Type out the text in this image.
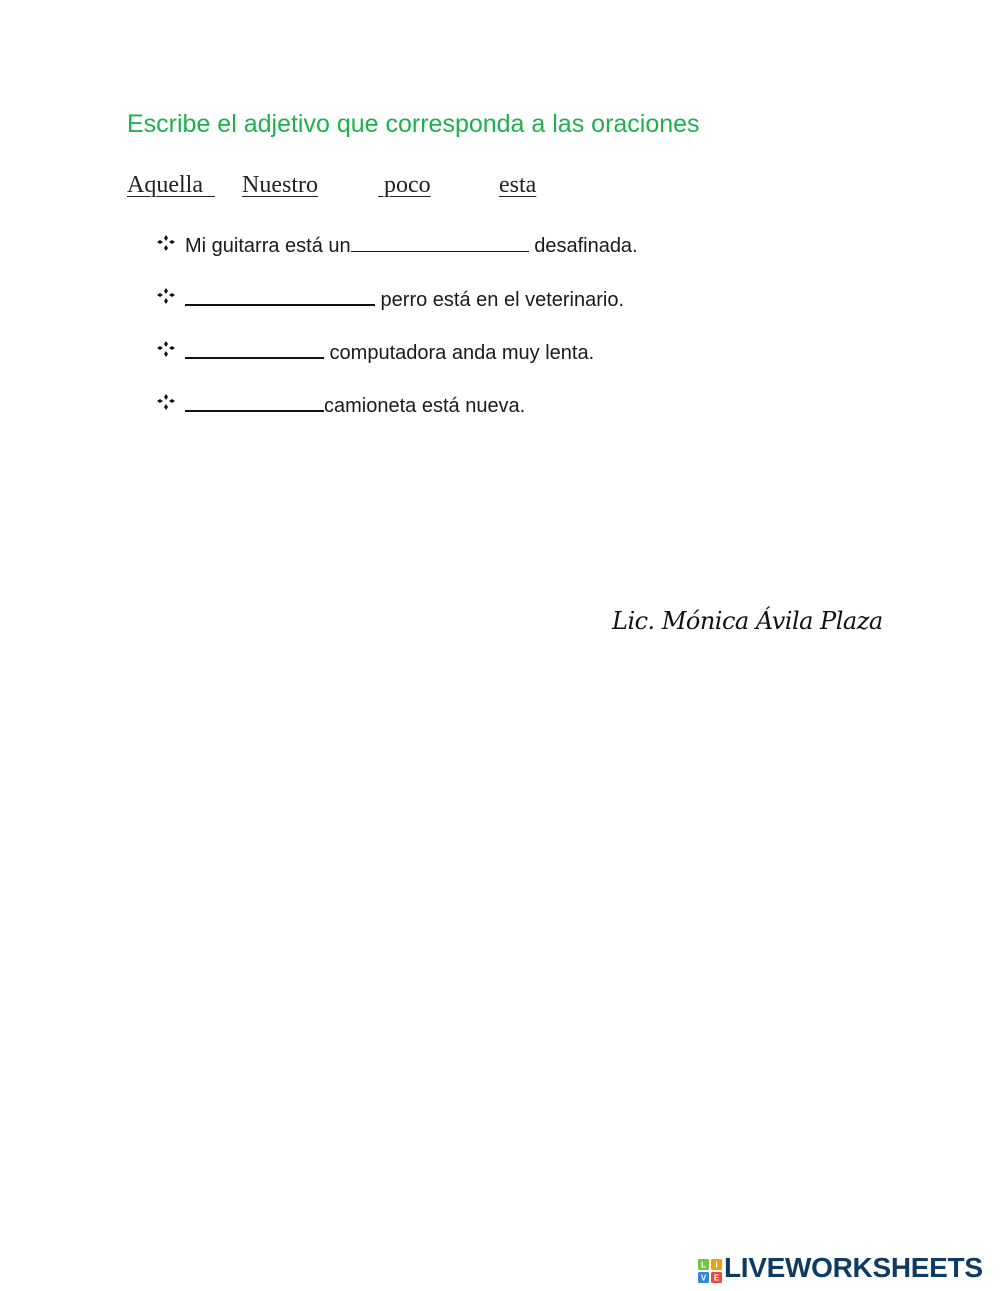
Escribe el adjetivo que corresponda a las oraciones
Aquella Nuestro	poco	esta
Mi guitarra está un	desafinada.
perro está en el veterinario.
computadora anda muy lenta.
camioneta está nueva.
Lic. Mónica Ávila Plaza
L I
V E LIVEWORKSHEETS
